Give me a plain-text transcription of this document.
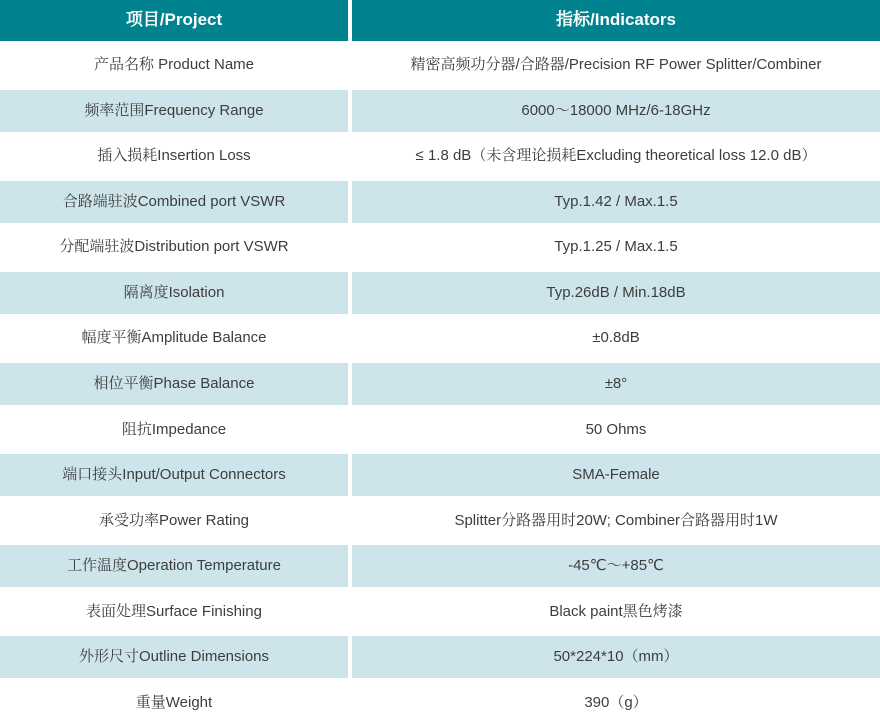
项目/Project	指标/Indicators
产品名称 Product Name	精密高频功分器/合路器/Precision RF Power Splitter/Combiner
频率范围Frequency Range	6000～18000 MHz/6-18GHz
插入损耗Insertion Loss	≤ 1.8 dB（未含理论损耗Excluding theoretical loss 12.0 dB）
合路端驻波Combined port VSWR	Typ.1.42 / Max.1.5
分配端驻波Distribution port VSWR	Typ.1.25 / Max.1.5
隔离度Isolation	Typ.26dB / Min.18dB
幅度平衡Amplitude Balance	±0.8dB
相位平衡Phase Balance	±8°
阻抗Impedance	50 Ohms
端口接头Input/Output Connectors	SMA-Female
承受功率Power Rating	Splitter分路器用时20W; Combiner合路器用时1W
工作温度Operation Temperature	-45℃～+85℃
表面处理Surface Finishing	Black paint黑色烤漆
外形尺寸Outline Dimensions	50*224*10（mm）
重量Weight	390（g）
